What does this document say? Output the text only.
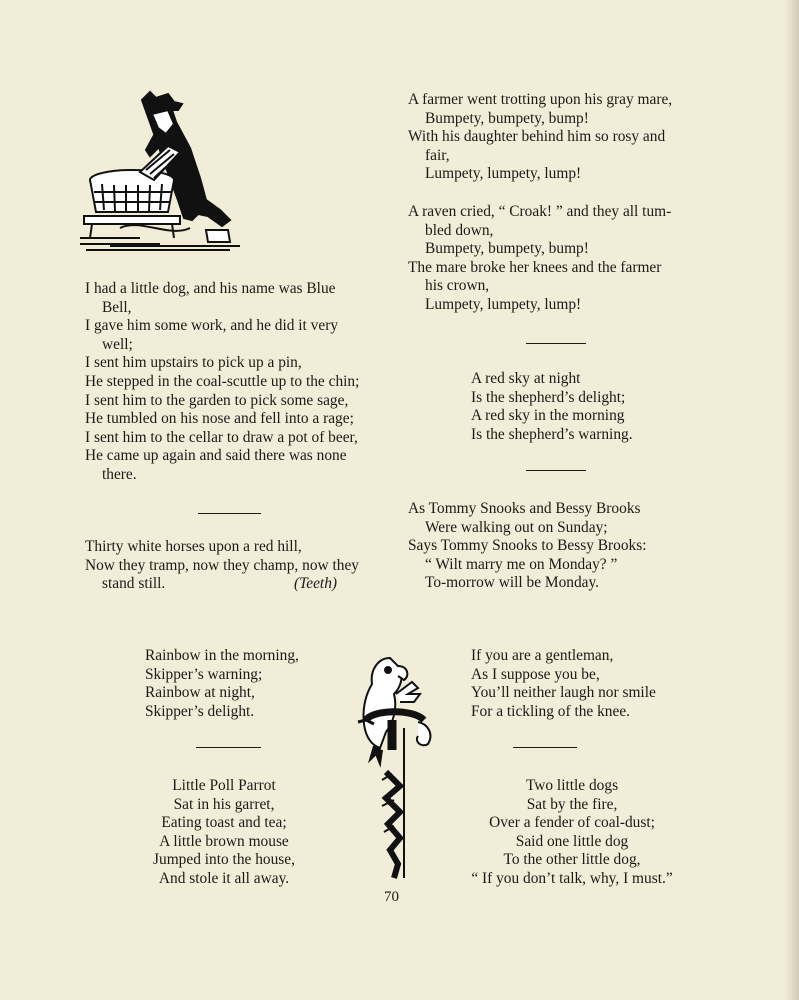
I had a little dog, and his name was Blue
Bell,
I gave him some work, and he did it very
well;
I sent him upstairs to pick up a pin,
He stepped in the coal-scuttle up to the chin;
I sent him to the garden to pick some sage,
He tumbled on his nose and fell into a rage;
I sent him to the cellar to draw a pot of beer,
He came up again and said there was none
there.
Thirty white horses upon a red hill,
Now they tramp, now they champ, now they
stand still.	(Teeth)
A farmer went trotting upon his gray mare,
Bumpety, bumpety, bump!
With his daughter behind him so rosy and
fair,
Lumpety, lumpety, lump!
A raven cried, “ Croak! ” and they all tum-
bled down,
Bumpety, bumpety, bump!
The mare broke her knees and the farmer
his crown,
Lumpety, lumpety, lump!
A red sky at night
Is the shepherd’s delight;
A red sky in the morning
Is the shepherd’s warning.
As Tommy Snooks and Bessy Brooks
Were walking out on Sunday;
Says Tommy Snooks to Bessy Brooks:
“ Wilt marry me on Monday? ”
To-morrow will be Monday.
Rainbow in the morning,
Skipper’s warning;
Rainbow at night,
Skipper’s delight.
If you are a gentleman,
As I suppose you be,
You’ll neither laugh nor smile
For a tickling of the knee.
Little Poll Parrot
Sat in his garret,
Eating toast and tea;
A little brown mouse
Jumped into the house,
And stole it all away.
Two little dogs
Sat by the fire,
Over a fender of coal-dust;
Said one little dog
To the other little dog,
“ If you don’t talk, why, I must.”
70
